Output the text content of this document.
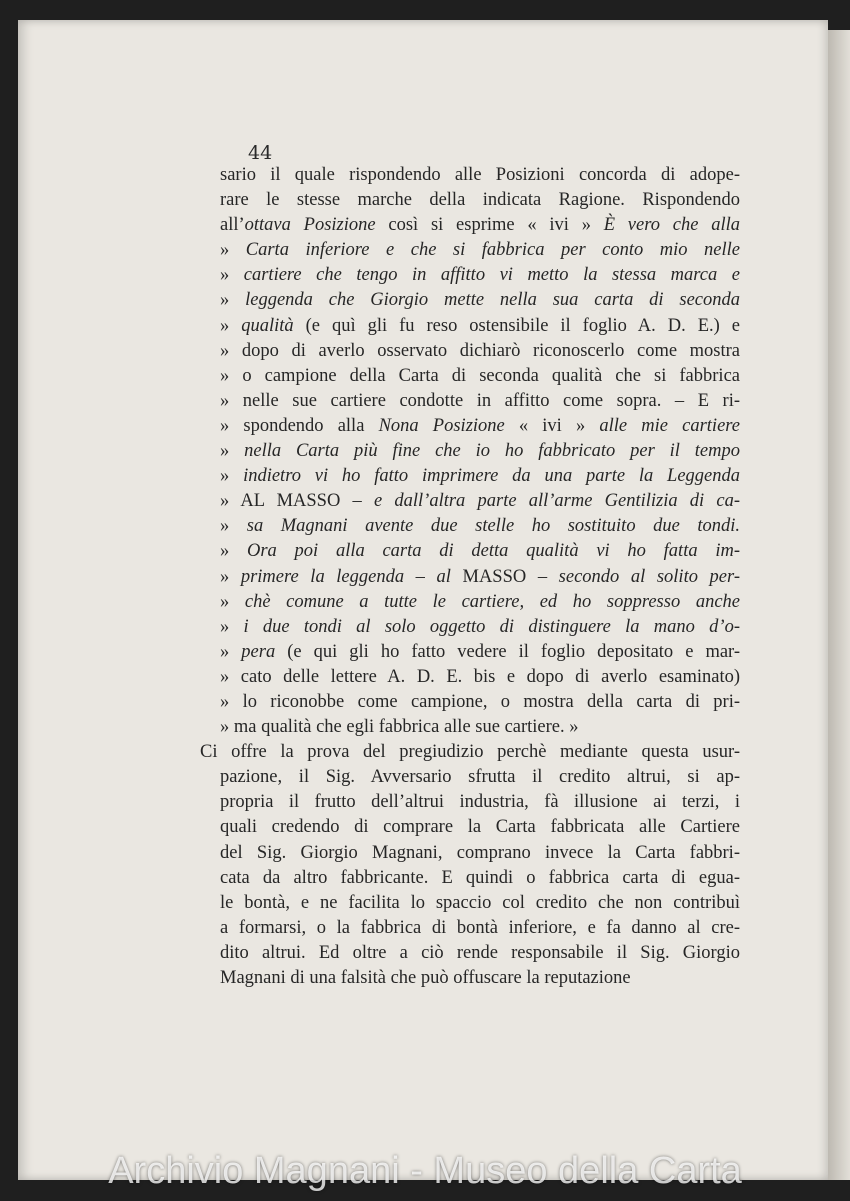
44
sario il quale rispondendo alle Posizioni concorda di adope-
rare le stesse marche della indicata Ragione. Rispondendo
all’ottava Posizione così si esprime « ivi » È vero che alla
» Carta inferiore e che si fabbrica per conto mio nelle
» cartiere che tengo in affitto vi metto la stessa marca e
» leggenda che Giorgio mette nella sua carta di seconda
» qualità (e quì gli fu reso ostensibile il foglio A. D. E.) e
» dopo di averlo osservato dichiarò riconoscerlo come mostra
» o campione della Carta di seconda qualità che si fabbrica
» nelle sue cartiere condotte in affitto come sopra. – E ri-
» spondendo alla Nona Posizione « ivi » alle mie cartiere
» nella Carta più fine che io ho fabbricato per il tempo
» indietro vi ho fatto imprimere da una parte la Leggenda
» AL MASSO – e dall’altra parte all’arme Gentilizia di ca-
» sa Magnani avente due stelle ho sostituito due tondi.
» Ora poi alla carta di detta qualità vi ho fatta im-
» primere la leggenda – al MASSO – secondo al solito per-
» chè comune a tutte le cartiere, ed ho soppresso anche
» i due tondi al solo oggetto di distinguere la mano d’o-
» pera (e qui gli ho fatto vedere il foglio depositato e mar-
» cato delle lettere A. D. E. bis e dopo di averlo esaminato)
» lo riconobbe come campione, o mostra della carta di pri-
» ma qualità che egli fabbrica alle sue cartiere. »
Ci offre la prova del pregiudizio perchè mediante questa usur-
pazione, il Sig. Avversario sfrutta il credito altrui, si ap-
propria il frutto dell’altrui industria, fà illusione ai terzi, i
quali credendo di comprare la Carta fabbricata alle Cartiere
del Sig. Giorgio Magnani, comprano invece la Carta fabbri-
cata da altro fabbricante. E quindi o fabbrica carta di egua-
le bontà, e ne facilita lo spaccio col credito che non contribuì
a formarsi, o la fabbrica di bontà inferiore, e fa danno al cre-
dito altrui. Ed oltre a ciò rende responsabile il Sig. Giorgio
Magnani di una falsità che può offuscare la reputazione
Archivio Magnani - Museo della Carta
